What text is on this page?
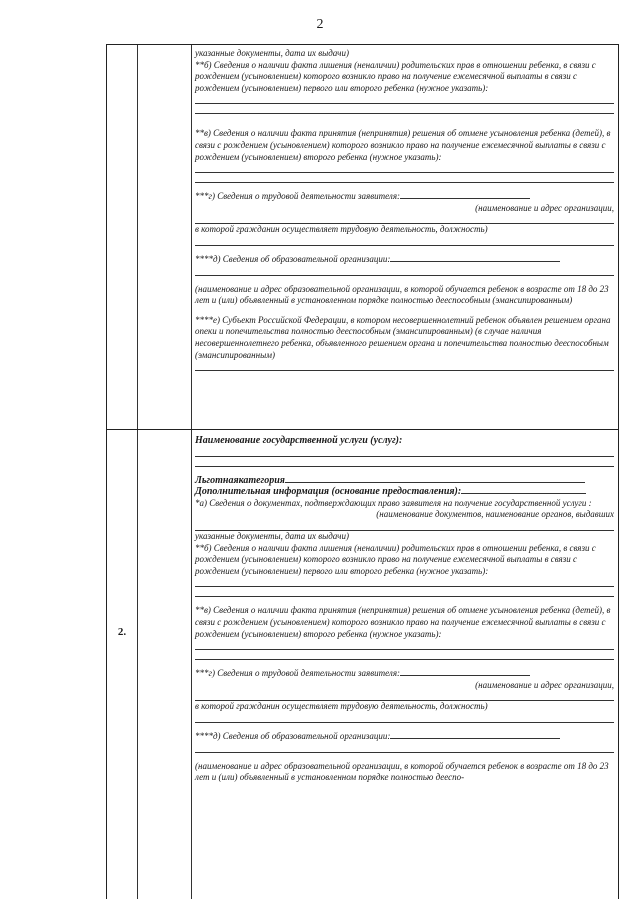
2

указанные документы, дата их выдачи)

**б) Сведения о наличии факта лишения (неналичии) родительских прав в отношении ребенка, в связи с рождением (усыновлением) которого возникло право на получение ежемесячной выплаты в связи с рождением (усыновлением) первого или второго ребенка (нужное указать):

**в) Сведения о наличии факта принятия (непринятия) решения об отмене усыновления ребенка (детей), в связи с рождением (усыновлением) которого возникло право на получение ежемесячной выплаты в связи с рождением (усыновлением) второго ребенка (нужное указать):

***г) Сведения о трудовой деятельности заявителя:

(наименование и адрес организации,

в которой гражданин осуществляет трудовую деятельность, должность)

****д) Сведения об образовательной организации:

(наименование и адрес образовательной организации, в которой обучается ребенок в возрасте от 18 до 23 лет и (или) объявленный в установленном порядке полностью дееспособным (эмансипированным)

****е) Субъект Российской Федерации, в котором несовершеннолетний ребенок объявлен решением органа опеки и попечительства полностью дееспособным (эмансипированным) (в случае наличия несовершеннолетнего ребенка, объявленного решением органа и попечительства полностью дееспособным (эмансипированным)

2.

Наименование государственной услуги (услуг):

Льготнаякатегория

Дополнительная информация (основание предоставления):

*а) Сведения о документах, подтверждающих право заявителя на получение государственной услуги :

(наименование документов, наименование органов, выдавших

указанные документы, дата их выдачи)

**б) Сведения о наличии факта лишения (неналичии) родительских прав в отношении ребенка, в связи с рождением (усыновлением) которого возникло право на получение ежемесячной выплаты в связи с рождением (усыновлением) первого или второго ребенка (нужное указать):

**в) Сведения о наличии факта принятия (непринятия) решения об отмене усыновления ребенка (детей), в связи с рождением (усыновлением) которого возникло право на получение ежемесячной выплаты в связи с рождением (усыновлением) второго ребенка (нужное указать):

***г) Сведения о трудовой деятельности заявителя:

(наименование и адрес организации,

в которой гражданин осуществляет трудовую деятельность, должность)

****д) Сведения об образовательной организации:

(наименование и адрес образовательной организации, в которой обучается ребенок в возрасте от 18 до 23 лет и (или) объявленный в установленном порядке полностью дееспо-
